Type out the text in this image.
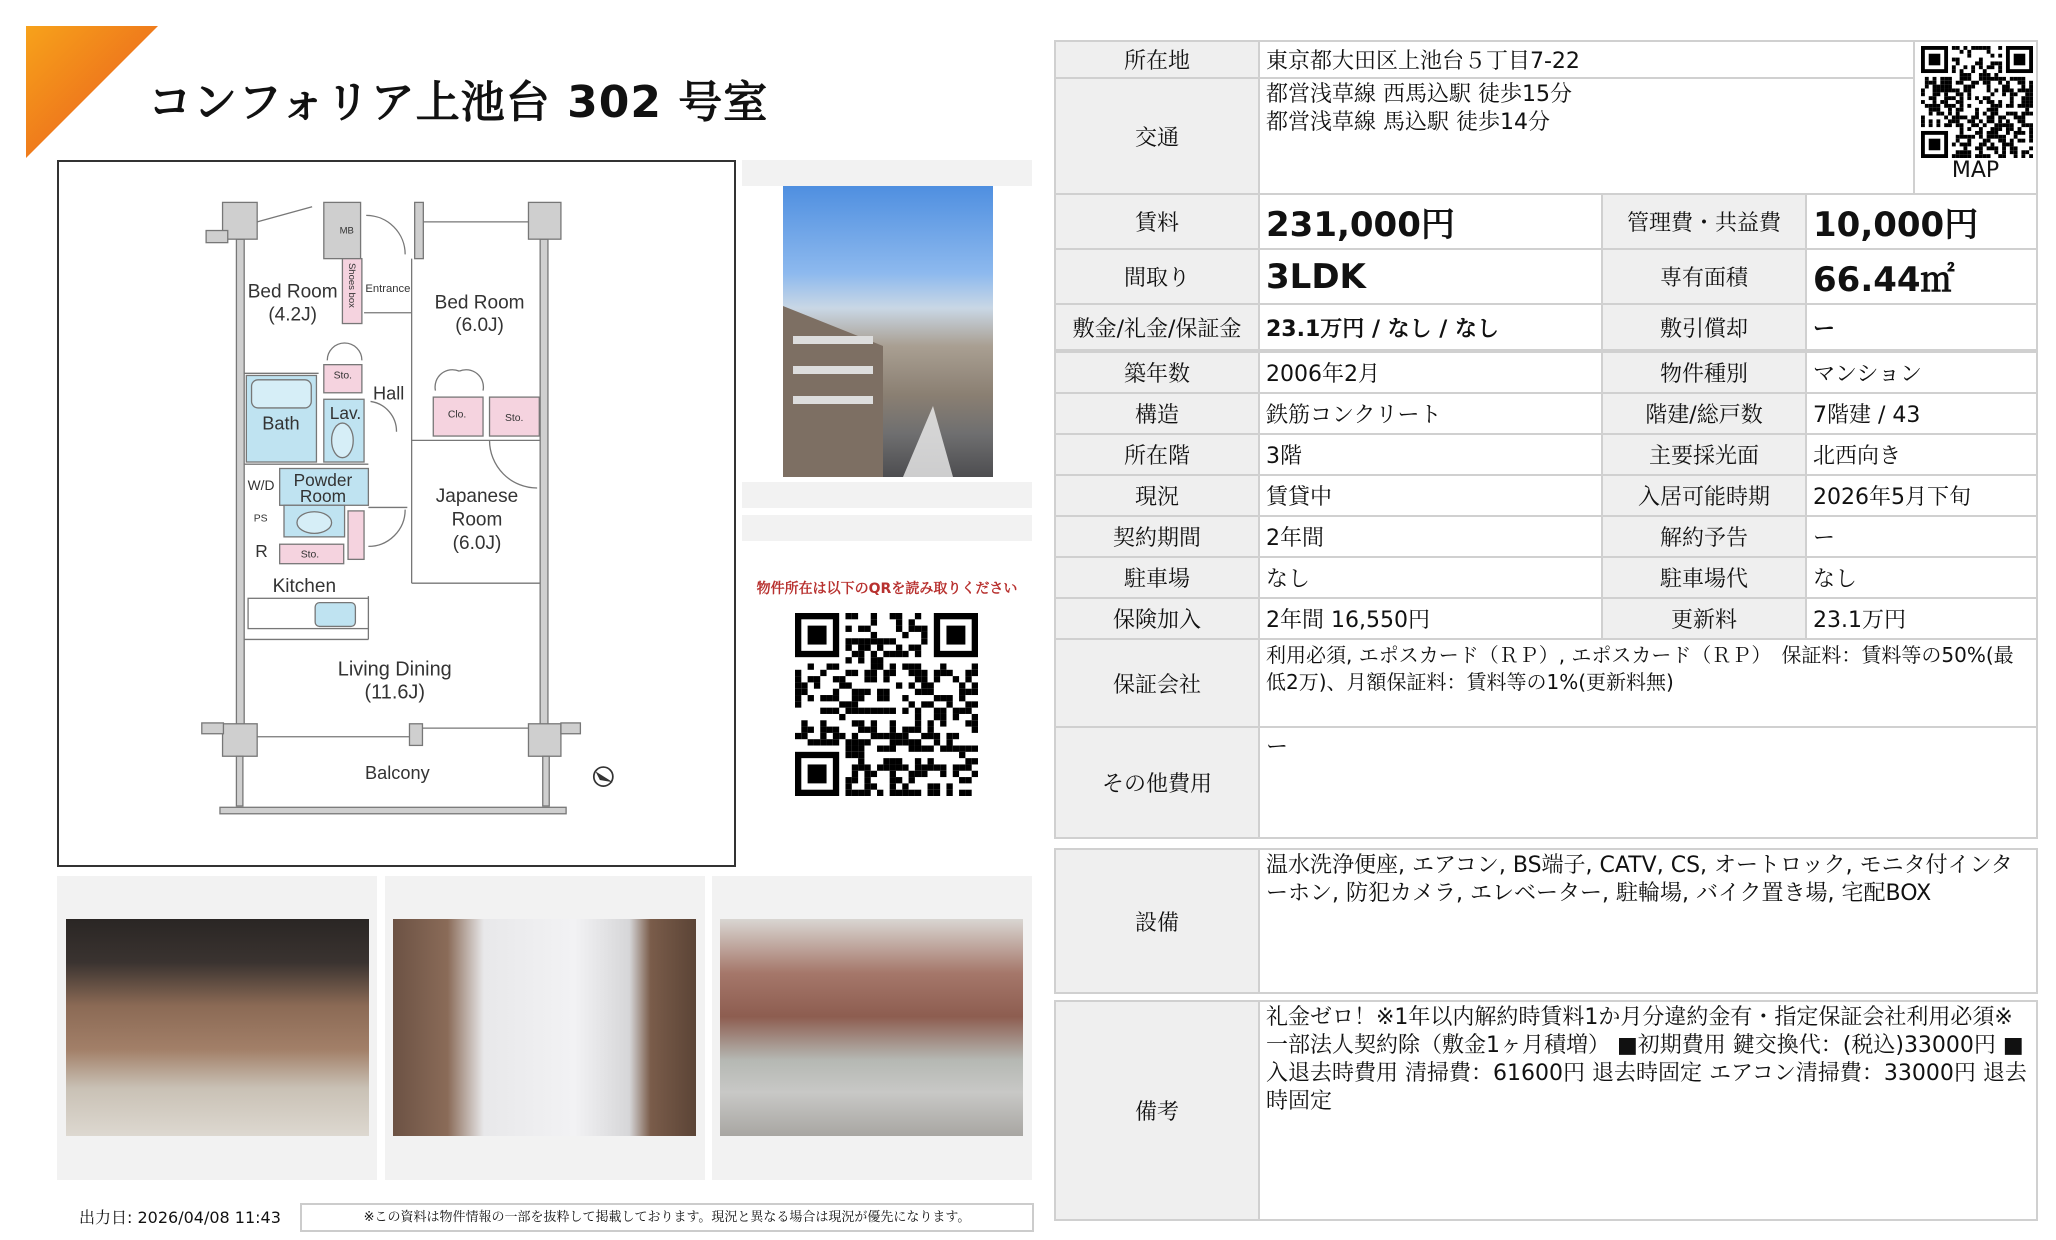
コンフォリア上池台 302 号室
Bed Room
(4.2J)
Bed Room
(6.0J)
MB
Shoes box Entrance
Hall
Bath
Lav.
W/D Powder
Room
PS
R Sto.
Sto.
Clo. Sto.
Japanese
Room
(6.0J)
Kitchen
Living Dining
(11.6J)
Balcony
物件所在は以下のQRを読み取りください
出力日: 2026/04/08 11:43	※この資料は物件情報の一部を抜粋して掲載しております。現況と異なる場合は現況が優先になります。
所在地	東京都大田区上池台５丁目7-22			MAP

交通	都営浅草線 西馬込駅 徒歩15分
都営浅草線 馬込駅 徒歩14分			

賃料	231,000円	管理費・共益費	10,000円	
間取り	3LDK	専有面積	66.44㎡	
敷金/礼金/保証金	23.1万円 / なし / なし	敷引償却	ー	
築年数	2006年2月	物件種別	マンション
構造	鉄筋コンクリート	階建/総戸数	7階建 / 43
所在階	3階	主要採光面	北西向き
現況	賃貸中	入居可能時期	2026年5月下旬
契約期間	2年間	解約予告	ー
駐車場	なし	駐車場代	なし
保険加入	2年間 16,550円	更新料	23.1万円
保証会社	利用必須, エポスカード（ＲＰ）, エポスカード（ＲＰ）　保証料：賃料等の50%(最低2万)、月額保証料：賃料等の1%(更新料無)		
その他費用	ー		
設備	温水洗浄便座, エアコン, BS端子, CATV, CS, オートロック, モニタ付インターホン, 防犯カメラ, エレベーター, 駐輪場, バイク置き場, 宅配BOX
備考	礼金ゼロ！※1年以内解約時賃料1か月分違約金有・指定保証会社利用必須※一部法人契約除（敷金1ヶ月積増） ■初期費用 鍵交換代：(税込)33000円 ■入退去時費用 清掃費：61600円 退去時固定 エアコン清掃費：33000円 退去時固定
